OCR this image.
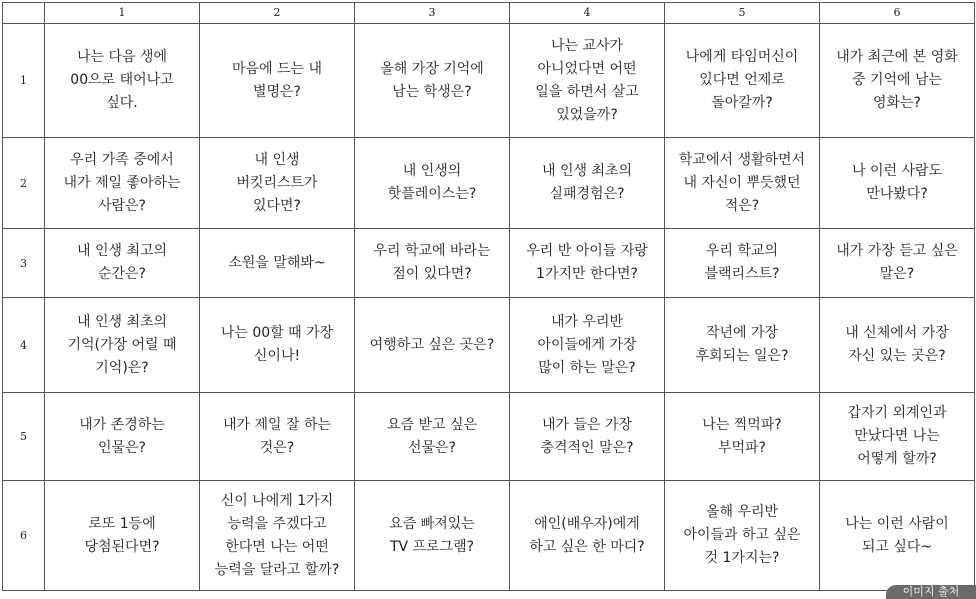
	1	2	3	4	5	6
1	나는 다음 생에
00으로 태어나고
싶다.	마음에 드는 내
별명은?	올해 가장 기억에
남는 학생은?	나는 교사가
아니었다면 어떤
일을 하면서 살고
있었을까?	나에게 타임머신이
있다면 언제로
돌아갈까?	내가 최근에 본 영화
중 기억에 남는
영화는?
2	우리 가족 중에서
내가 제일 좋아하는
사람은?	내 인생
버킷리스트가
있다면?	내 인생의
핫플레이스는?	내 인생 최초의
실패경험은?	학교에서 생활하면서
내 자신이 뿌듯했던
적은?	나 이런 사람도
만나봤다?
3	내 인생 최고의
순간은?	소원을 말해봐~	우리 학교에 바라는
점이 있다면?	우리 반 아이들 자랑
1가지만 한다면?	우리 학교의
블랙리스트?	내가 가장 듣고 싶은
말은?
4	내 인생 최초의
기억(가장 어릴 때
기억)은?	나는 00할 때 가장
신이나!	여행하고 싶은 곳은?	내가 우리반
아이들에게 가장
많이 하는 말은?	작년에 가장
후회되는 일은?	내 신체에서 가장
자신 있는 곳은?
5	내가 존경하는
인물은?	내가 제일 잘 하는
것은?	요즘 받고 싶은
선물은?	내가 들은 가장
충격적인 말은?	나는 찍먹파?
부먹파?	갑자기 외계인과
만났다면 나는
어떻게 할까?
6	로또 1등에
당첨된다면?	신이 나에게 1가지
능력을 주겠다고
한다면 나는 어떤
능력을 달라고 할까?	요즘 빠져있는
TV 프로그램?	애인(배우자)에게
하고 싶은 한 마디?	올해 우리반
아이들과 하고 싶은
것 1가지는?	나는 이런 사람이
되고 싶다~
이미지 출처
